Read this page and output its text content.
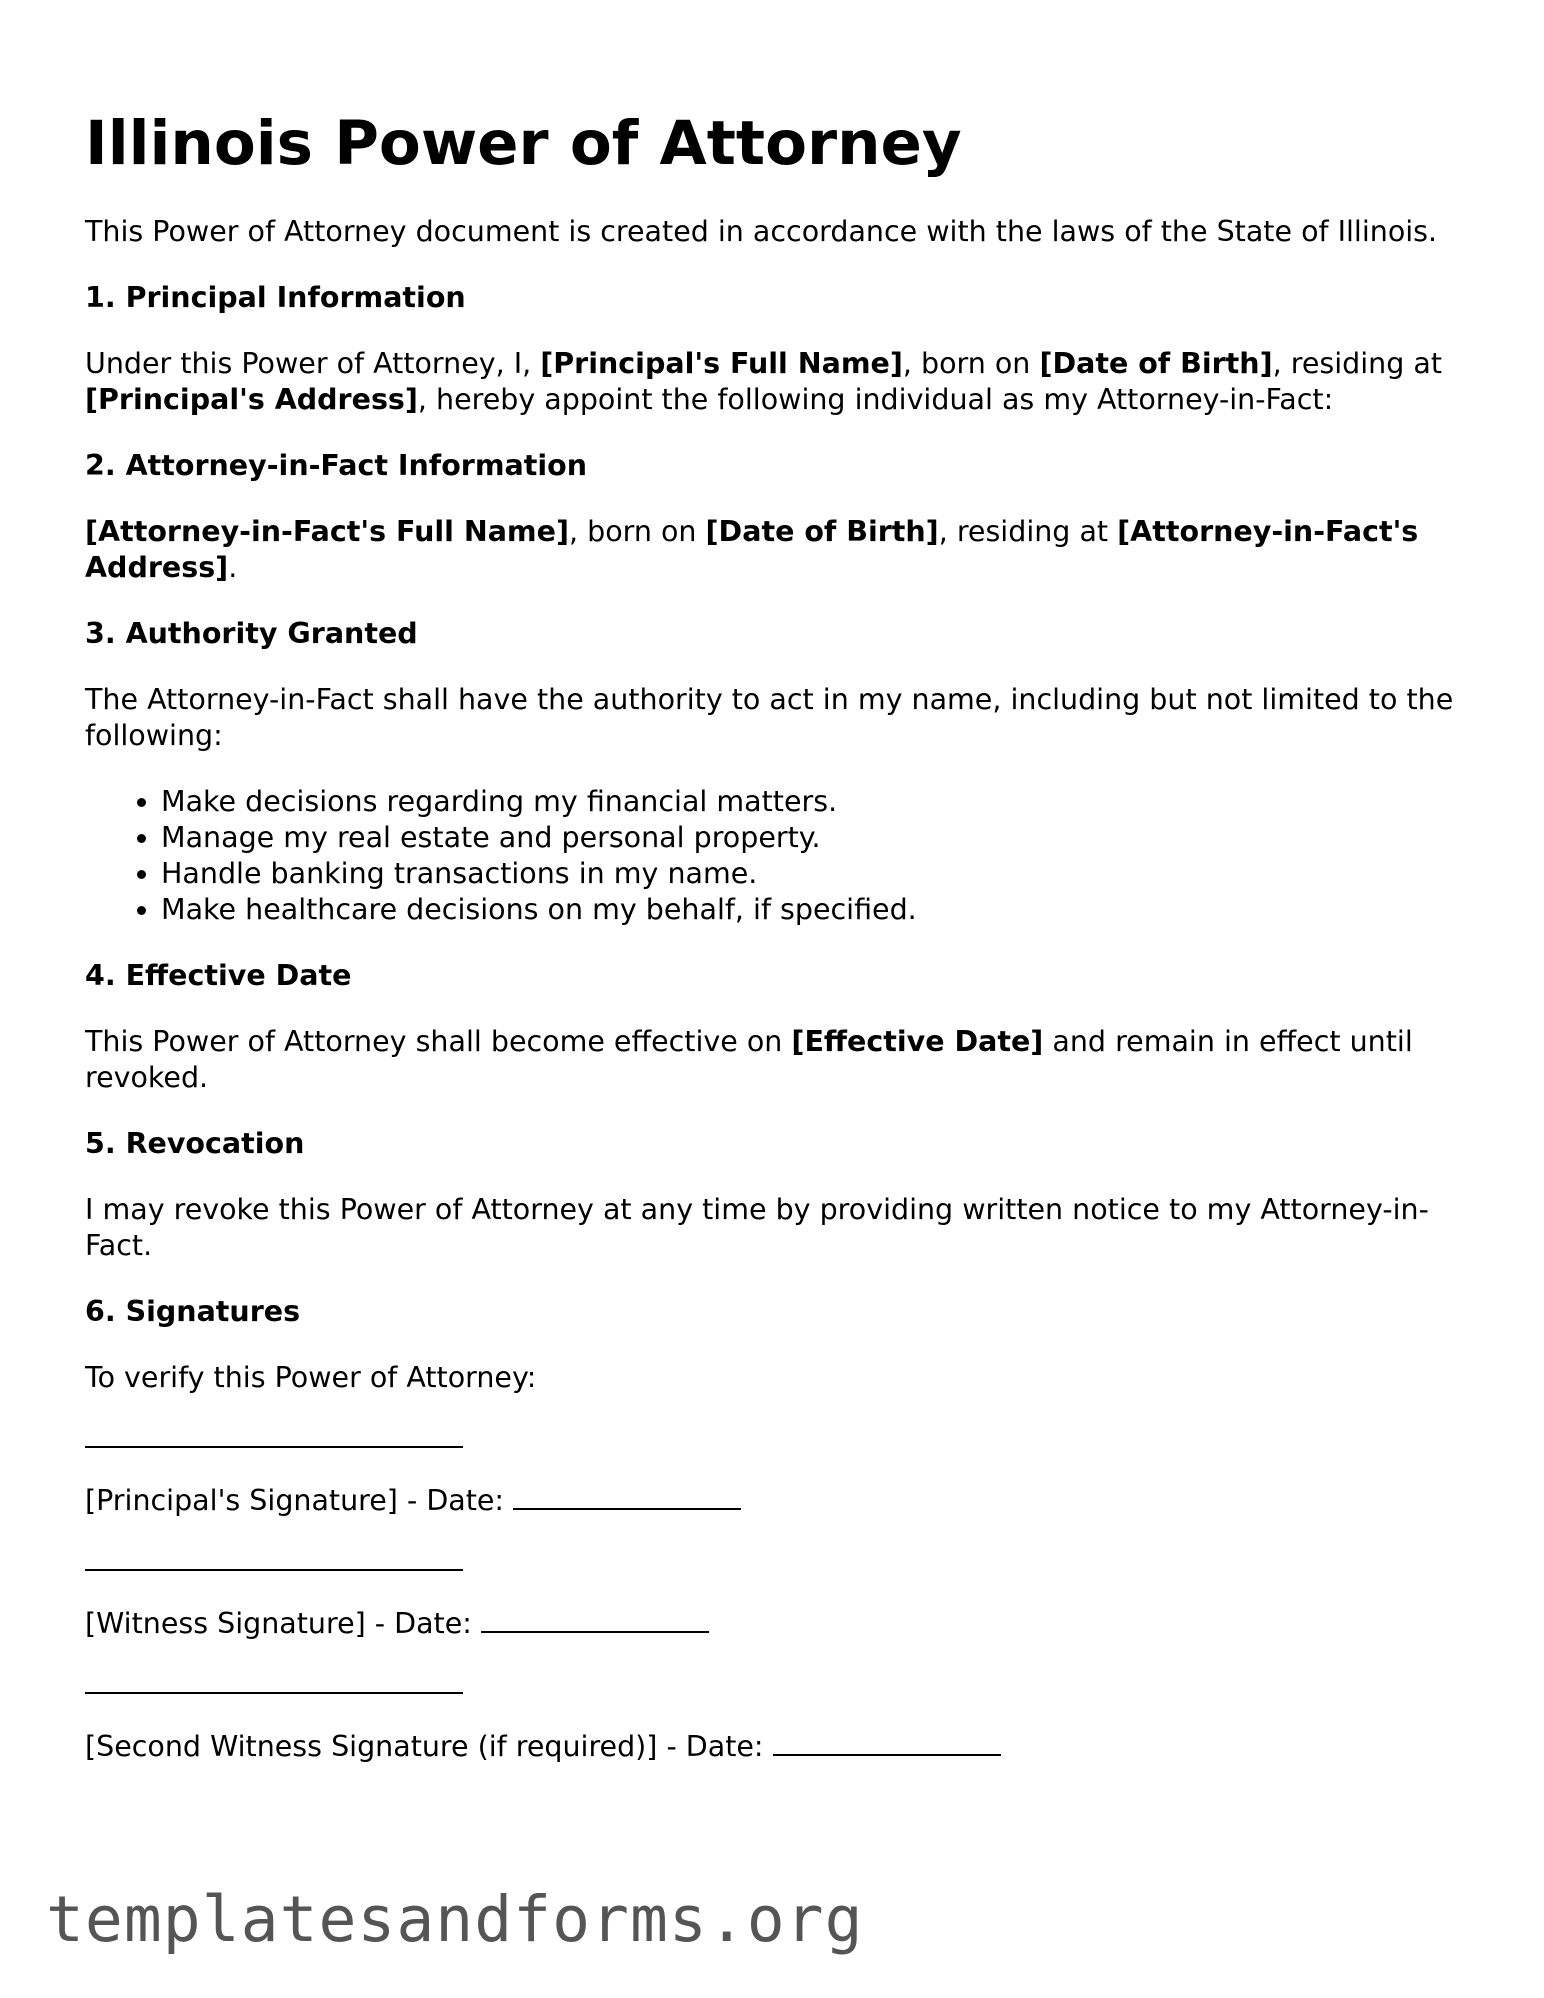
Illinois Power of Attorney

This Power of Attorney document is created in accordance with the laws of the State of Illinois.

1. Principal Information

Under this Power of Attorney, I, [Principal's Full Name], born on [Date of Birth], residing at [Principal's Address], hereby appoint the following individual as my Attorney-in-Fact:

2. Attorney-in-Fact Information

[Attorney-in-Fact's Full Name], born on [Date of Birth], residing at [Attorney-in-Fact's Address].

3. Authority Granted

The Attorney-in-Fact shall have the authority to act in my name, including but not limited to the following:

• Make decisions regarding my financial matters.
• Manage my real estate and personal property.
• Handle banking transactions in my name.
• Make healthcare decisions on my behalf, if specified.
4. Effective Date

This Power of Attorney shall become effective on [Effective Date] and remain in effect until revoked.

5. Revocation

I may revoke this Power of Attorney at any time by providing written notice to my Attorney-in-Fact.

6. Signatures

To verify this Power of Attorney:

[Principal's Signature] - Date:

[Witness Signature] - Date:

[Second Witness Signature (if required)] - Date:

templatesandforms.org
